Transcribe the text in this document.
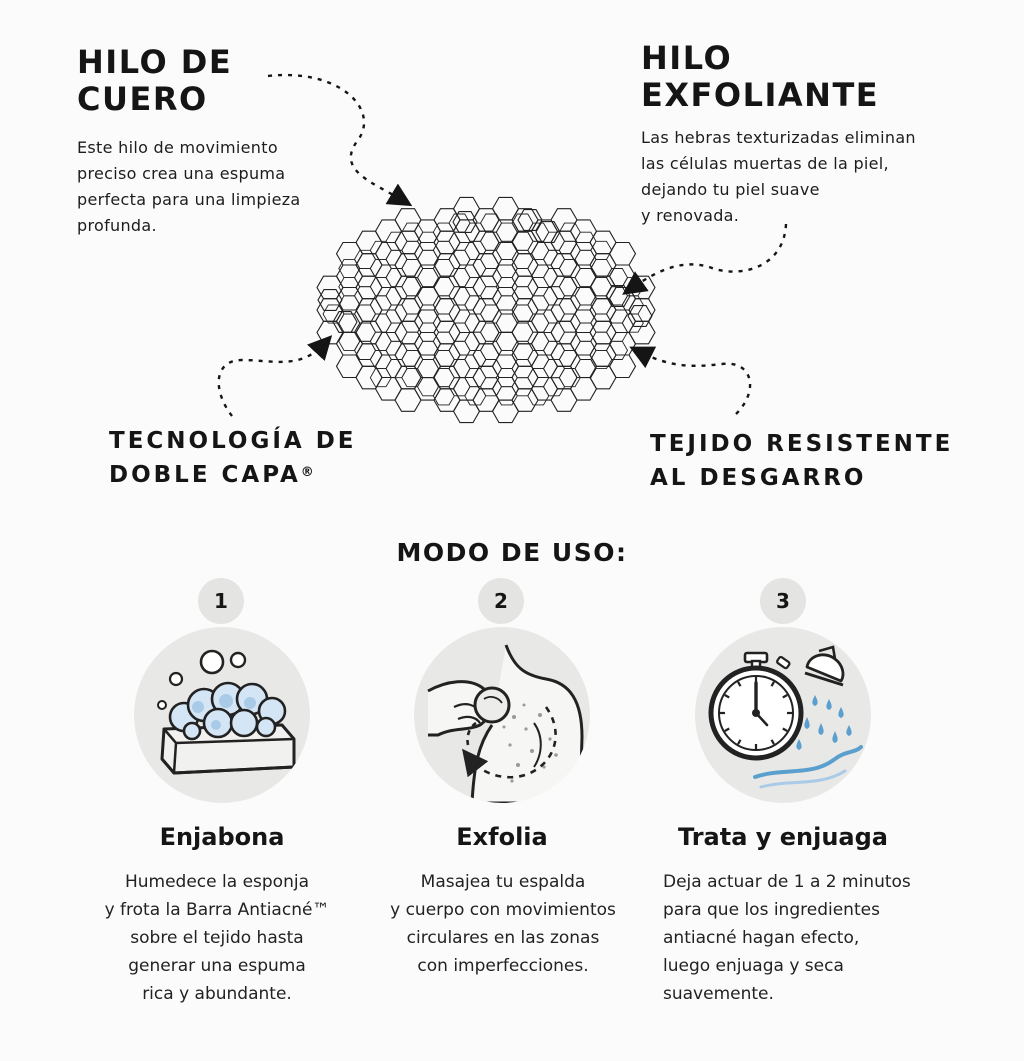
HILO DE
CUERO
Este hilo de movimiento
preciso crea una espuma
perfecta para una limpieza
profunda.
HILO
EXFOLIANTE
Las hebras texturizadas eliminan
las células muertas de la piel,
dejando tu piel suave
y renovada.
TECNOLOGÍA DE
DOBLE CAPA®
TEJIDO RESISTENTE
AL DESGARRO
MODO DE USO:
1
Enjabona
Humedece la esponja
y frota la Barra Antiacné™
sobre el tejido hasta
generar una espuma
rica y abundante.
2
Exfolia
Masajea tu espalda
y cuerpo con movimientos
circulares en las zonas
con imperfecciones.
3
Trata y enjuaga
Deja actuar de 1 a 2 minutos
para que los ingredientes
antiacné hagan efecto,
luego enjuaga y seca
suavemente.
